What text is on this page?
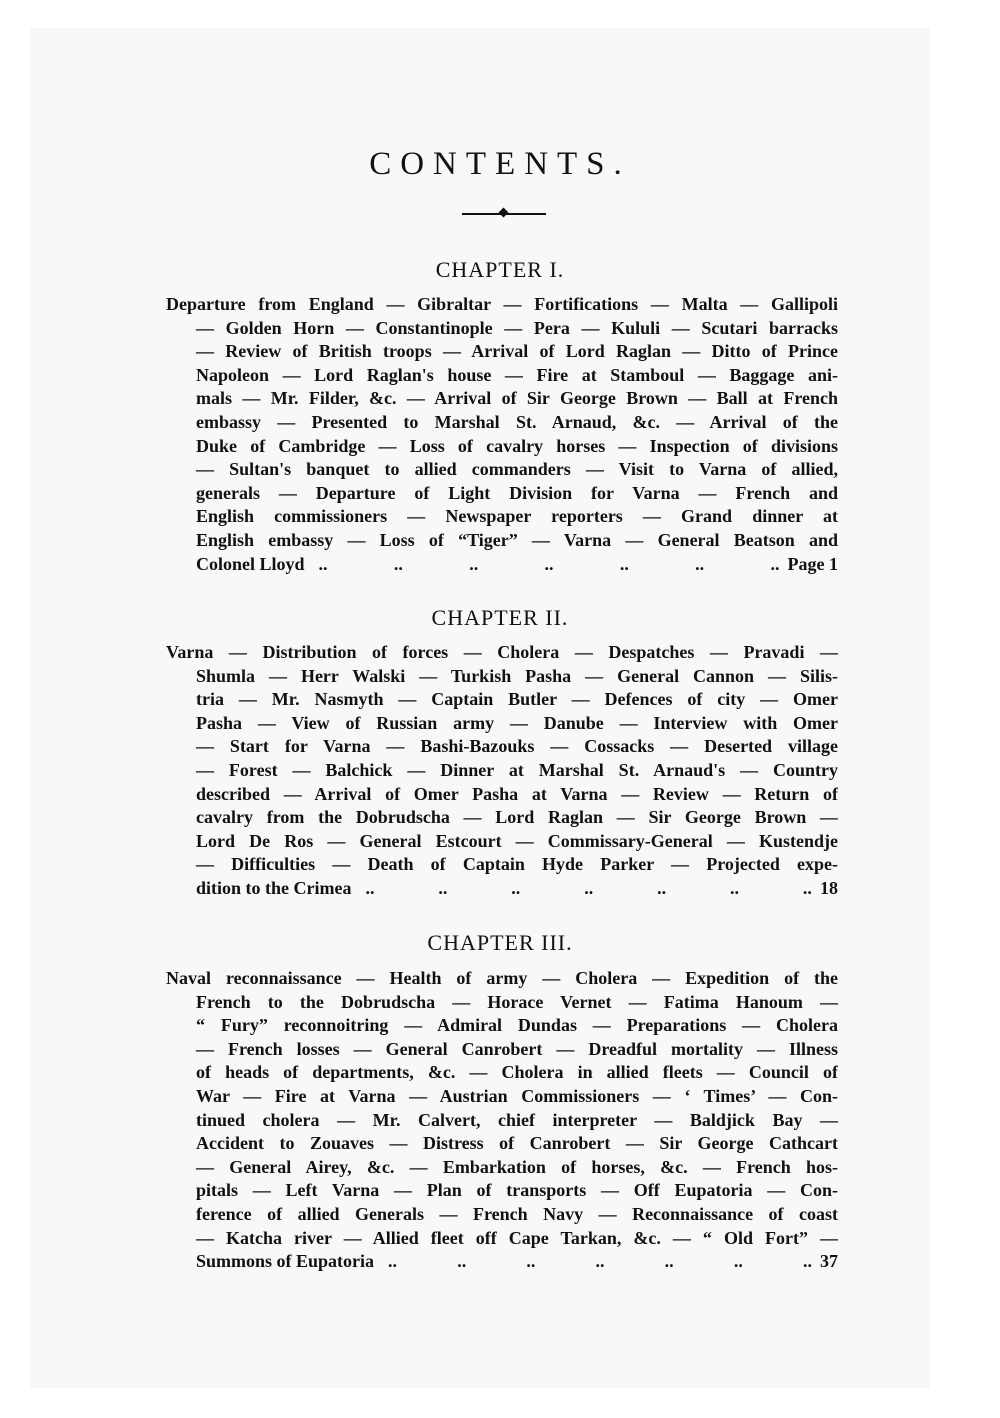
CONTENTS.
CHAPTER I.
Departure from England — Gibraltar — Fortifications — Malta — Gallipoli
— Golden Horn — Constantinople — Pera — Kululi — Scutari barracks
— Review of British troops — Arrival of Lord Raglan — Ditto of Prince
Napoleon — Lord Raglan's house — Fire at Stamboul — Baggage ani-
mals — Mr. Filder, &c. — Arrival of Sir George Brown — Ball at French
embassy — Presented to Marshal St. Arnaud, &c. — Arrival of the
Duke of Cambridge — Loss of cavalry horses — Inspection of divisions
— Sultan's banquet to allied commanders — Visit to Varna of allied,
generals — Departure of Light Division for Varna — French and
English commissioners — Newspaper reporters — Grand dinner at
English embassy — Loss of “Tiger” — Varna — General Beatson and
Colonel Lloyd ..	..	..	..	..	..	.. Page 1
CHAPTER II.
Varna — Distribution of forces — Cholera — Despatches — Pravadi —
Shumla — Herr Walski — Turkish Pasha — General Cannon — Silis-
tria — Mr. Nasmyth — Captain Butler — Defences of city — Omer
Pasha — View of Russian army — Danube — Interview with Omer
— Start for Varna — Bashi-Bazouks — Cossacks — Deserted village
— Forest — Balchick — Dinner at Marshal St. Arnaud's — Country
described — Arrival of Omer Pasha at Varna — Review — Return of
cavalry from the Dobrudscha — Lord Raglan — Sir George Brown —
Lord De Ros — General Estcourt — Commissary-General — Kustendje
— Difficulties — Death of Captain Hyde Parker — Projected expe-
dition to the Crimea ..	..	..	..	..	..	.. 18
CHAPTER III.
Naval reconnaissance — Health of army — Cholera — Expedition of the
French to the Dobrudscha — Horace Vernet — Fatima Hanoum —
“ Fury” reconnoitring — Admiral Dundas — Preparations — Cholera
— French losses — General Canrobert — Dreadful mortality — Illness
of heads of departments, &c. — Cholera in allied fleets — Council of
War — Fire at Varna — Austrian Commissioners — ‘ Times’ — Con-
tinued cholera — Mr. Calvert, chief interpreter — Baldjick Bay —
Accident to Zouaves — Distress of Canrobert — Sir George Cathcart
— General Airey, &c. — Embarkation of horses, &c. — French hos-
pitals — Left Varna — Plan of transports — Off Eupatoria — Con-
ference of allied Generals — French Navy — Reconnaissance of coast
— Katcha river — Allied fleet off Cape Tarkan, &c. — “ Old Fort” —
Summons of Eupatoria ..	..	..	..	..	..	.. 37
